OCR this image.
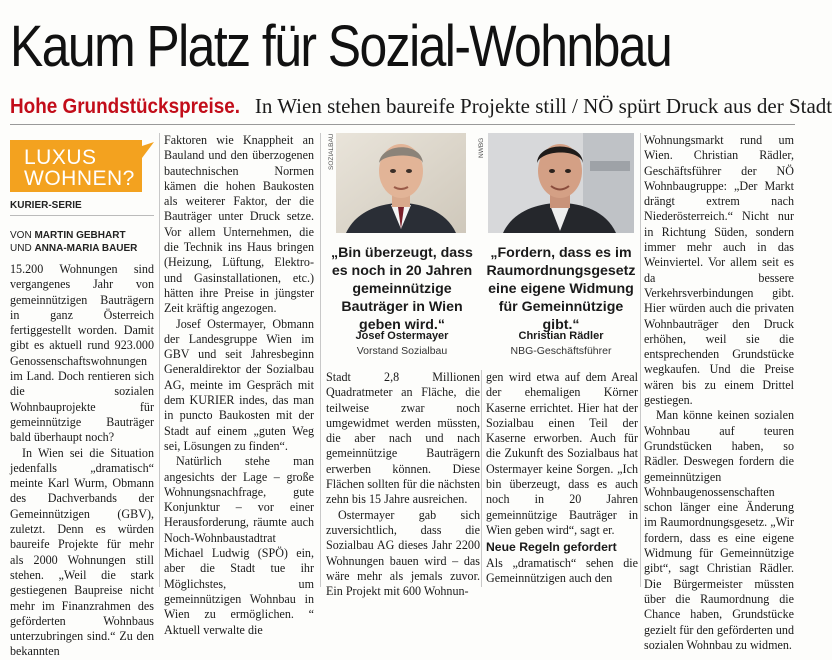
Kaum Platz für Sozial-Wohnbau
Hohe Grundstückspreise. In Wien stehen baureife Projekte still / NÖ spürt Druck aus der Stadt
LUXUS
WOHNEN?
KURIER-SERIE
VON MARTIN GEBHART
UND ANNA-MARIA BAUER

15.200 Wohnungen sind vergangenes Jahr von gemeinnützigen Bauträgern in ganz Österreich fertiggestellt worden. Damit gibt es aktuell rund 923.000 Genossenschaftswohnungen im Land. Doch rentieren sich die sozialen Wohnbauprojekte für gemeinnützige Bauträger bald überhaupt noch?

In Wien sei die Situation jedenfalls „dramatisch“ meinte Karl Wurm, Obmann des Dachverbands der Gemeinnützigen (GBV), zuletzt. Denn es würden baureife Projekte für mehr als 2000 Wohnungen still stehen. „Weil die stark gestiegenen Baupreise nicht mehr im Finanzrahmen des geförderten Wohnbaus unterzubringen sind.“ Zu den bekannten

Faktoren wie Knappheit an Bauland und den überzogenen bautechnischen Normen kämen die hohen Baukosten als weiterer Faktor, der die Bauträger unter Druck setze. Vor allem Unternehmen, die die Technik ins Haus bringen (Heizung, Lüftung, Elektro- und Gasinstallationen, etc.) hätten ihre Preise in jüngster Zeit kräftig angezogen.

Josef Ostermayer, Obmann der Landesgruppe Wien im GBV und seit Jahresbeginn Generaldirektor der Sozialbau AG, meinte im Gespräch mit dem KURIER indes, das man in puncto Baukosten mit der Stadt auf einem „guten Weg sei, Lösungen zu finden“.

Natürlich stehe man angesichts der Lage – große Wohnungsnachfrage, gute Konjunktur – vor einer Herausforderung, räumte auch Noch-Wohnbaustadtrat Michael Ludwig (SPÖ) ein, aber die Stadt tue ihr Möglichstes, um gemeinnützigen Wohnbau in Wien zu ermöglichen. “ Aktuell verwalte die

SOZIALBAU	NWBG
„Bin überzeugt, dass es noch in 20 Jahren gemeinnützige Bauträger in Wien geben wird.“
Josef Ostermayer
Vorstand Sozialbau
„Fordern, dass es im Raumordnungsgesetz eine eigene Widmung für Gemeinnützige gibt.“
Christian Rädler
NBG-Geschäftsführer

Stadt 2,8 Millionen Quadratmeter an Fläche, die teilweise zwar noch umgewidmet werden müssten, die aber nach und nach gemeinnützige Bauträgern erwerben können. Diese Flächen sollten für die nächsten zehn bis 15 Jahre ausreichen.

Ostermayer gab sich zuversichtlich, dass die Sozialbau AG dieses Jahr 2200 Wohnungen bauen wird – das wäre mehr als jemals zuvor. Ein Projekt mit 600 Wohnun-

gen wird etwa auf dem Areal der ehemaligen Körner Kaserne errichtet. Hier hat der Sozialbau einen Teil der Kaserne erworben. Auch für die Zukunft des Sozialbaus hat Ostermayer keine Sorgen. „Ich bin überzeugt, dass es auch noch in 20 Jahren gemeinnützige Bauträger in Wien geben wird“, sagt er.

Neue Regeln gefordert

Als „dramatisch“ sehen die Gemeinnützigen auch den

Wohnungsmarkt rund um Wien. Christian Rädler, Geschäftsführer der NÖ Wohnbaugruppe: „Der Markt drängt extrem nach Niederösterreich.“ Nicht nur in Richtung Süden, sondern immer mehr auch in das Weinviertel. Vor allem seit es da bessere Verkehrsverbindungen gibt. Hier würden auch die privaten Wohnbauträger den Druck erhöhen, weil sie die entsprechenden Grundstücke wegkaufen. Und die Preise wären bis zu einem Drittel gestiegen.

Man könne keinen sozialen Wohnbau auf teuren Grundstücken haben, so Rädler. Deswegen fordern die gemeinnützigen Wohnbaugenossenschaften schon länger eine Änderung im Raumordnungsgesetz. „Wir fordern, dass es eine eigene Widmung für Gemeinnützige gibt“, sagt Christian Rädler. Die Bürgermeister müssten über die Raumordnung die Chance haben, Grundstücke gezielt für den geförderten und sozialen Wohnbau zu widmen.
